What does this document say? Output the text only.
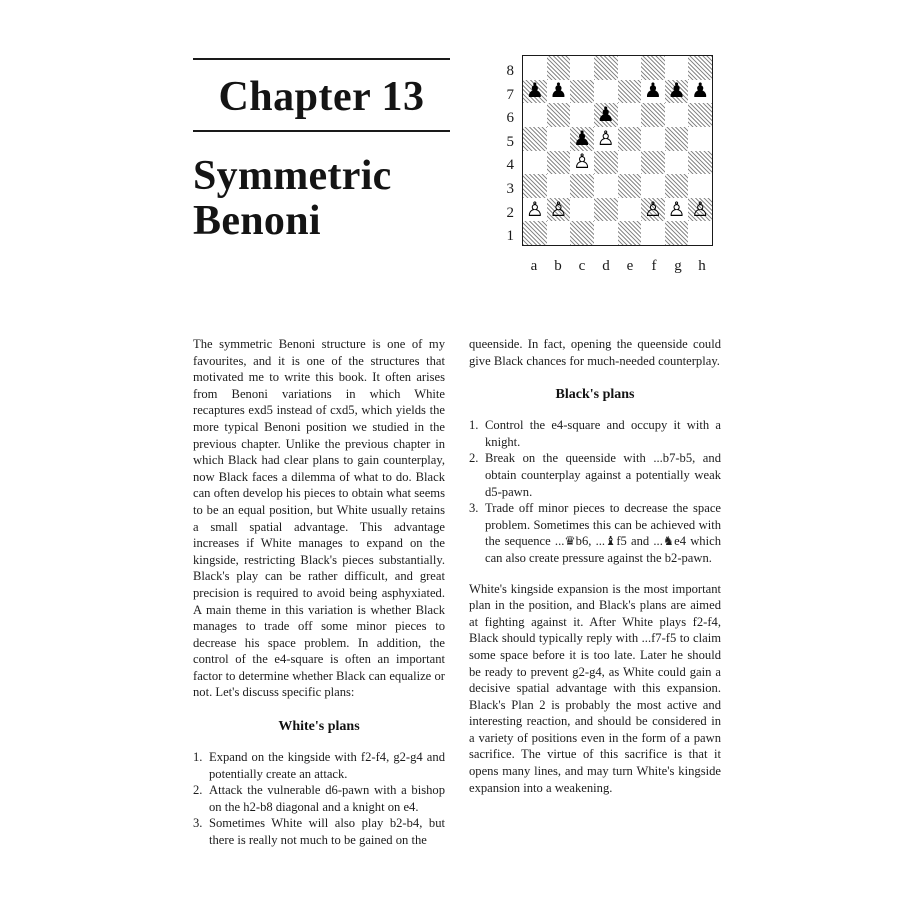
Chapter 13
Symmetric
Benoni
8
7
6
5
4
3
2
1
♟ ♟	♟ ♟ ♟
♟
♟ ♙
♙
♙ ♙	♙ ♙ ♙
a	b	c	d	e	f	g	h

The symmetric Benoni structure is one of my favourites, and it is one of the structures that motivated me to write this book. It often arises from Benoni variations in which White recaptures exd5 instead of cxd5, which yields the more typical Benoni position we studied in the previous chapter. Unlike the previous chapter in which Black had clear plans to gain counterplay, now Black faces a dilemma of what to do. Black can often develop his pieces to obtain what seems to be an equal position, but White usually retains a small spatial advantage. This advantage increases if White manages to expand on the kingside, restricting Black's pieces substantially. Black's play can be rather difficult, and great precision is required to avoid being asphyxiated. A main theme in this variation is whether Black manages to trade off some minor pieces to decrease his space problem. In addition, the control of the e4-square is often an important factor to determine whether Black can equalize or not. Let's discuss specific plans:

White's plans
Expand on the kingside with f2-f4, g2-g4 and potentially create an attack.
Attack the vulnerable d6-pawn with a bishop on the h2-b8 diagonal and a knight on e4.
Sometimes White will also play b2-b4, but there is really not much to be gained on the

queenside. In fact, opening the queenside could give Black chances for much-needed counterplay.

Black's plans
Control the e4-square and occupy it with a knight.
Break on the queenside with ...b7-b5, and obtain counterplay against a potentially weak d5-pawn.
Trade off minor pieces to decrease the space problem. Sometimes this can be achieved with the sequence ...♛b6, ...♝f5 and ...♞e4 which can also create pressure against the b2-pawn.

White's kingside expansion is the most important plan in the position, and Black's plans are aimed at fighting against it. After White plays f2-f4, Black should typically reply with ...f7-f5 to claim some space before it is too late. Later he should be ready to prevent g2-g4, as White could gain a decisive spatial advantage with this expansion. Black's Plan 2 is probably the most active and interesting reaction, and should be considered in a variety of positions even in the form of a pawn sacrifice. The virtue of this sacrifice is that it opens many lines, and may turn White's kingside expansion into a weakening.
